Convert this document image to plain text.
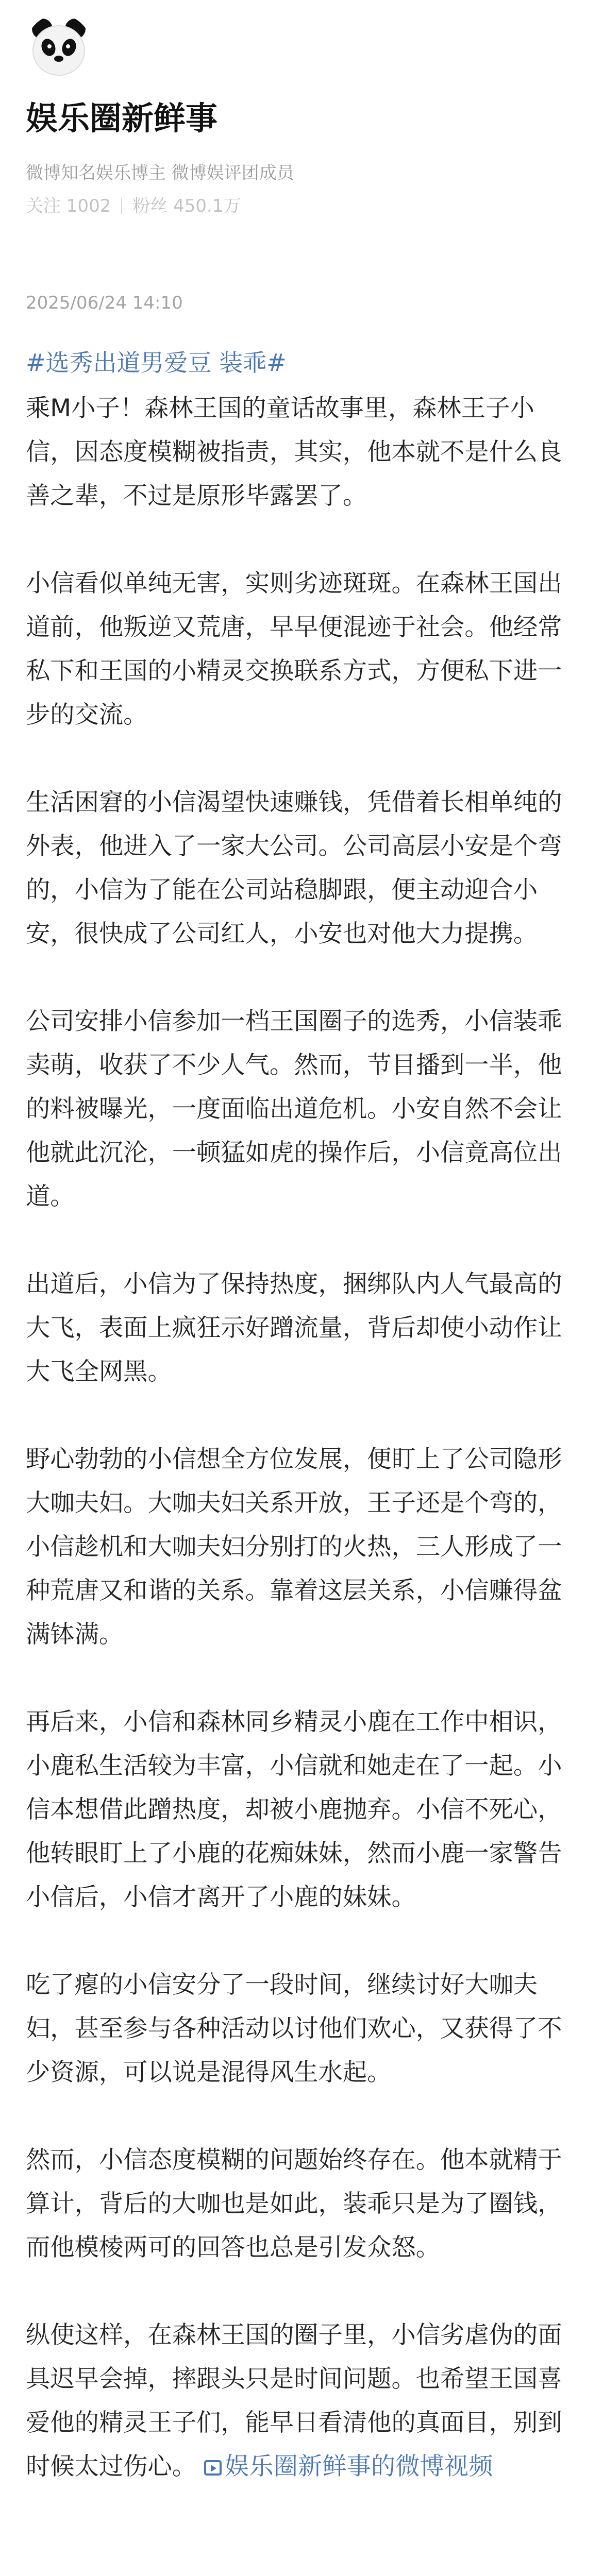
娱乐圈新鲜事
微博知名娱乐博主 微博娱评团成员
关注 1002 粉丝 450.1万
2025/06/24 14:10
#选秀出道男爱豆 装乖#

乘M小子！森林王国的童话故事里，森林王子小信，因态度模糊被指责，其实，他本就不是什么良善之辈，不过是原形毕露罢了。

小信看似单纯无害，实则劣迹斑斑。在森林王国出道前，他叛逆又荒唐，早早便混迹于社会。他经常私下和王国的小精灵交换联系方式，方便私下进一步的交流。

生活困窘的小信渴望快速赚钱，凭借着长相单纯的外表，他进入了一家大公司。公司高层小安是个弯的，小信为了能在公司站稳脚跟，便主动迎合小安，很快成了公司红人，小安也对他大力提携。

公司安排小信参加一档王国圈子的选秀，小信装乖卖萌，收获了不少人气。然而，节目播到一半，他的料被曝光，一度面临出道危机。小安自然不会让他就此沉沦，一顿猛如虎的操作后，小信竟高位出道。

出道后，小信为了保持热度，捆绑队内人气最高的大飞，表面上疯狂示好蹭流量，背后却使小动作让大飞全网黑。

野心勃勃的小信想全方位发展，便盯上了公司隐形大咖夫妇。大咖夫妇关系开放，王子还是个弯的，小信趁机和大咖夫妇分别打的火热，三人形成了一种荒唐又和谐的关系。靠着这层关系，小信赚得盆满钵满。

再后来，小信和森林同乡精灵小鹿在工作中相识，小鹿私生活较为丰富，小信就和她走在了一起。小信本想借此蹭热度，却被小鹿抛弃。小信不死心，他转眼盯上了小鹿的花痴妹妹，然而小鹿一家警告小信后，小信才离开了小鹿的妹妹。

吃了瘪的小信安分了一段时间，继续讨好大咖夫妇，甚至参与各种活动以讨他们欢心，又获得了不少资源，可以说是混得风生水起。

然而，小信态度模糊的问题始终存在。他本就精于算计，背后的大咖也是如此，装乖只是为了圈钱，而他模棱两可的回答也总是引发众怒。

纵使这样，在森林王国的圈子里，小信劣虐伪的面具迟早会掉，摔跟头只是时间问题。也希望王国喜爱他的精灵王子们，能早日看清他的真面目，别到时候太过伤心。 娱乐圈新鲜事的微博视频
